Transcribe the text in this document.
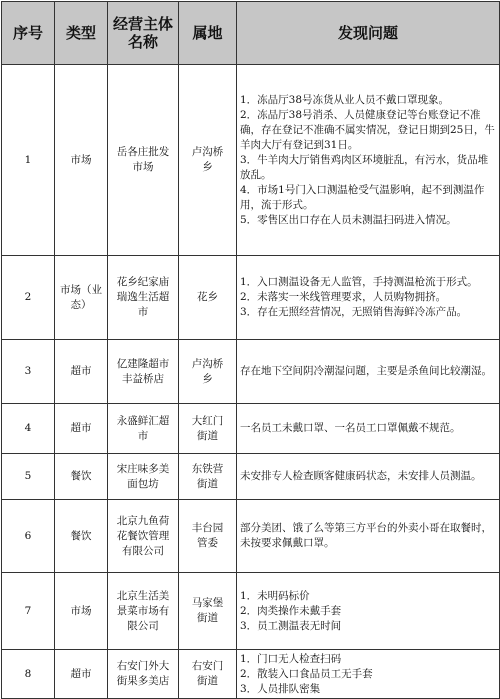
序号	类型	经营主体名称	属地	发现问题
1	市场	岳各庄批发市场	卢沟桥乡	1．冻品厅38号冻货从业人员不戴口罩现象。
2．冻品厅38号消杀、人员健康登记等台账登记不准确，存在登记不准确不属实情况，登记日期到25日，牛羊肉大厅有登记到31日。
3．牛羊肉大厅销售鸡肉区环境脏乱，有污水，货品堆放乱。
4．市场1号门入口测温枪受气温影响，起不到测温作用，流于形式。
5．零售区出口存在人员未测温扫码进入情况。

2	市场（业态）	花乡纪家庙瑞逸生活超市	花乡	1．入口测温设备无人监管，手持测温枪流于形式。
2．未落实一米线管理要求，人员购物拥挤。
3．存在无照经营情况，无照销售海鲜冷冻产品。

3	超市	亿建隆超市丰益桥店	卢沟桥乡	存在地下空间阴冷潮湿问题，主要是杀鱼间比较潮湿。

4	超市	永盛鲜汇超市	大红门街道	一名员工未戴口罩、一名员工口罩佩戴不规范。

5	餐饮	宋庄味多美面包坊	东铁营街道	未安排专人检查顾客健康码状态，未安排人员测温。

6	餐饮	北京九鱼荷花餐饮管理有限公司	丰台园管委	部分美团、饿了么等第三方平台的外卖小哥在取餐时，未按要求佩戴口罩。

7	市场	北京生活美景菜市场有限公司	马家堡街道	1．未明码标价
2．肉类操作未戴手套
3．员工测温表无时间

8	超市	右安门外大街果多美店	右安门街道	1．门口无人检查扫码
2．散装入口食品员工无手套
3．人员排队密集
